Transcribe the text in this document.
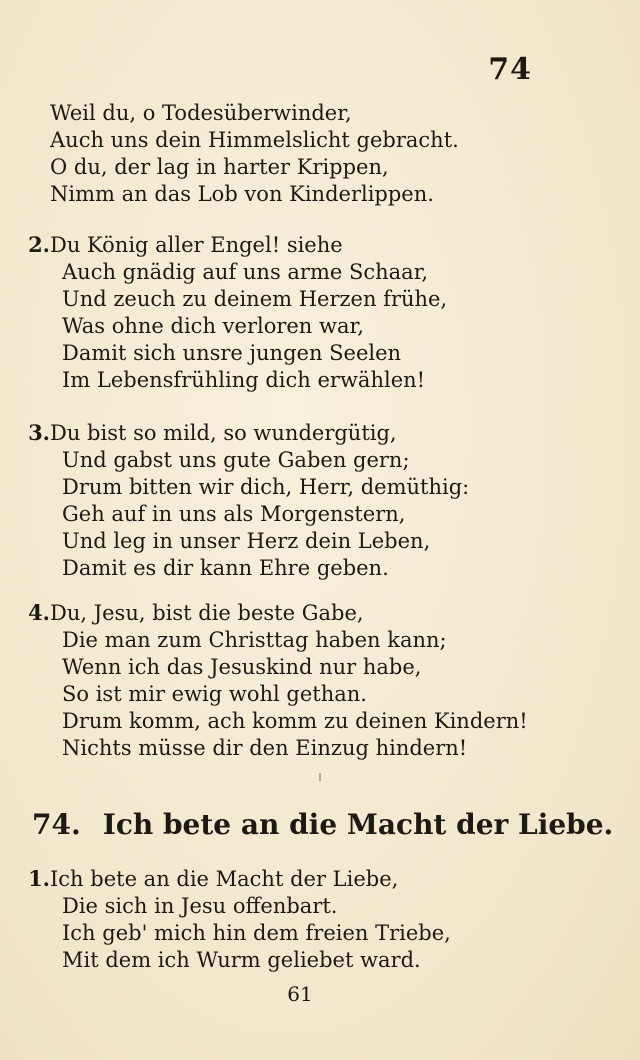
74
Weil du, o Todesüberwinder,
Auch uns dein Himmelslicht gebracht.
O du, der lag in harter Krippen,
Nimm an das Lob von Kinderlippen.
2. Du König aller Engel! siehe
Auch gnädig auf uns arme Schaar,
Und zeuch zu deinem Herzen frühe,
Was ohne dich verloren war,
Damit sich unsre jungen Seelen
Im Lebensfrühling dich erwählen!
3. Du bist so mild, so wundergütig,
Und gabst uns gute Gaben gern;
Drum bitten wir dich, Herr, demüthig:
Geh auf in uns als Morgenstern,
Und leg in unser Herz dein Leben,
Damit es dir kann Ehre geben.
4. Du, Jesu, bist die beste Gabe,
Die man zum Christtag haben kann;
Wenn ich das Jesuskind nur habe,
So ist mir ewig wohl gethan.
Drum komm, ach komm zu deinen Kindern!
Nichts müsse dir den Einzug hindern!
74. Ich bete an die Macht der Liebe.
1. Ich bete an die Macht der Liebe,
Die sich in Jesu offenbart.
Ich geb' mich hin dem freien Triebe,
Mit dem ich Wurm geliebet ward.
61
